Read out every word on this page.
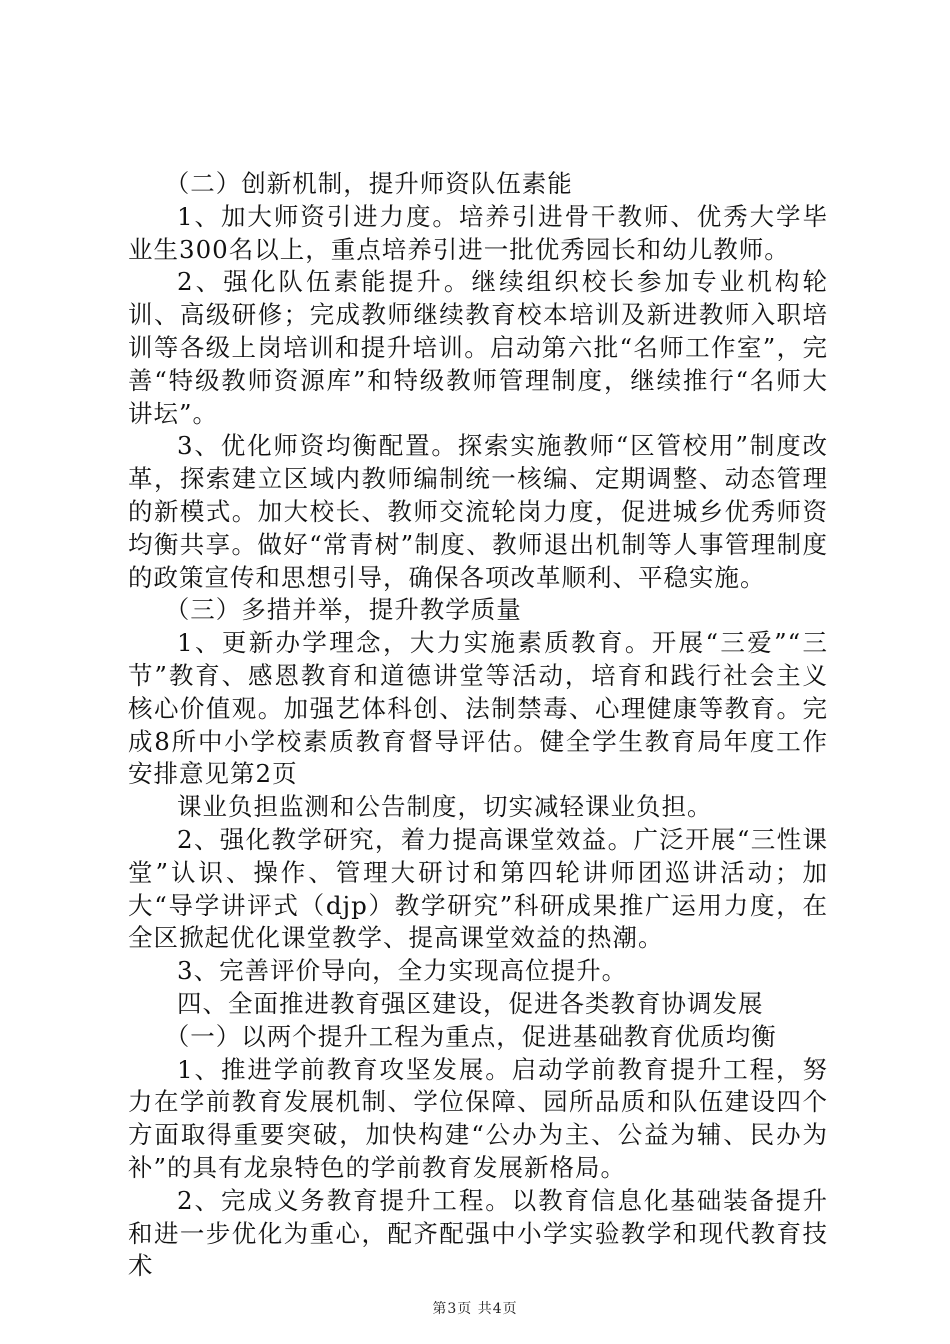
（二）创新机制，提升师资队伍素能

1、加大师资引进力度。培养引进骨干教师、优秀大学毕业生300名以上，重点培养引进一批优秀园长和幼儿教师。

2、强化队伍素能提升。继续组织校长参加专业机构轮训、高级研修；完成教师继续教育校本培训及新进教师入职培训等各级上岗培训和提升培训。启动第六批“名师工作室”，完善“特级教师资源库”和特级教师管理制度，继续推行“名师大讲坛”。

3、优化师资均衡配置。探索实施教师“区管校用”制度改革，探索建立区域内教师编制统一核编、定期调整、动态管理的新模式。加大校长、教师交流轮岗力度，促进城乡优秀师资均衡共享。做好“常青树”制度、教师退出机制等人事管理制度的政策宣传和思想引导，确保各项改革顺利、平稳实施。

（三）多措并举，提升教学质量

1、更新办学理念，大力实施素质教育。开展“三爱”“三节”教育、感恩教育和道德讲堂等活动，培育和践行社会主义核心价值观。加强艺体科创、法制禁毒、心理健康等教育。完成8所中小学校素质教育督导评估。健全学生教育局年度工作安排意见第2页

课业负担监测和公告制度，切实减轻课业负担。

2、强化教学研究，着力提高课堂效益。广泛开展“三性课堂”认识、操作、管理大研讨和第四轮讲师团巡讲活动；加大“导学讲评式（djp）教学研究”科研成果推广运用力度，在全区掀起优化课堂教学、提高课堂效益的热潮。

3、完善评价导向，全力实现高位提升。

四、全面推进教育强区建设，促进各类教育协调发展

（一）以两个提升工程为重点，促进基础教育优质均衡

1、推进学前教育攻坚发展。启动学前教育提升工程，努力在学前教育发展机制、学位保障、园所品质和队伍建设四个方面取得重要突破，加快构建“公办为主、公益为辅、民办为补”的具有龙泉特色的学前教育发展新格局。

2、完成义务教育提升工程。以教育信息化基础装备提升和进一步优化为重心，配齐配强中小学实验教学和现代教育技术

第3页 共4页
